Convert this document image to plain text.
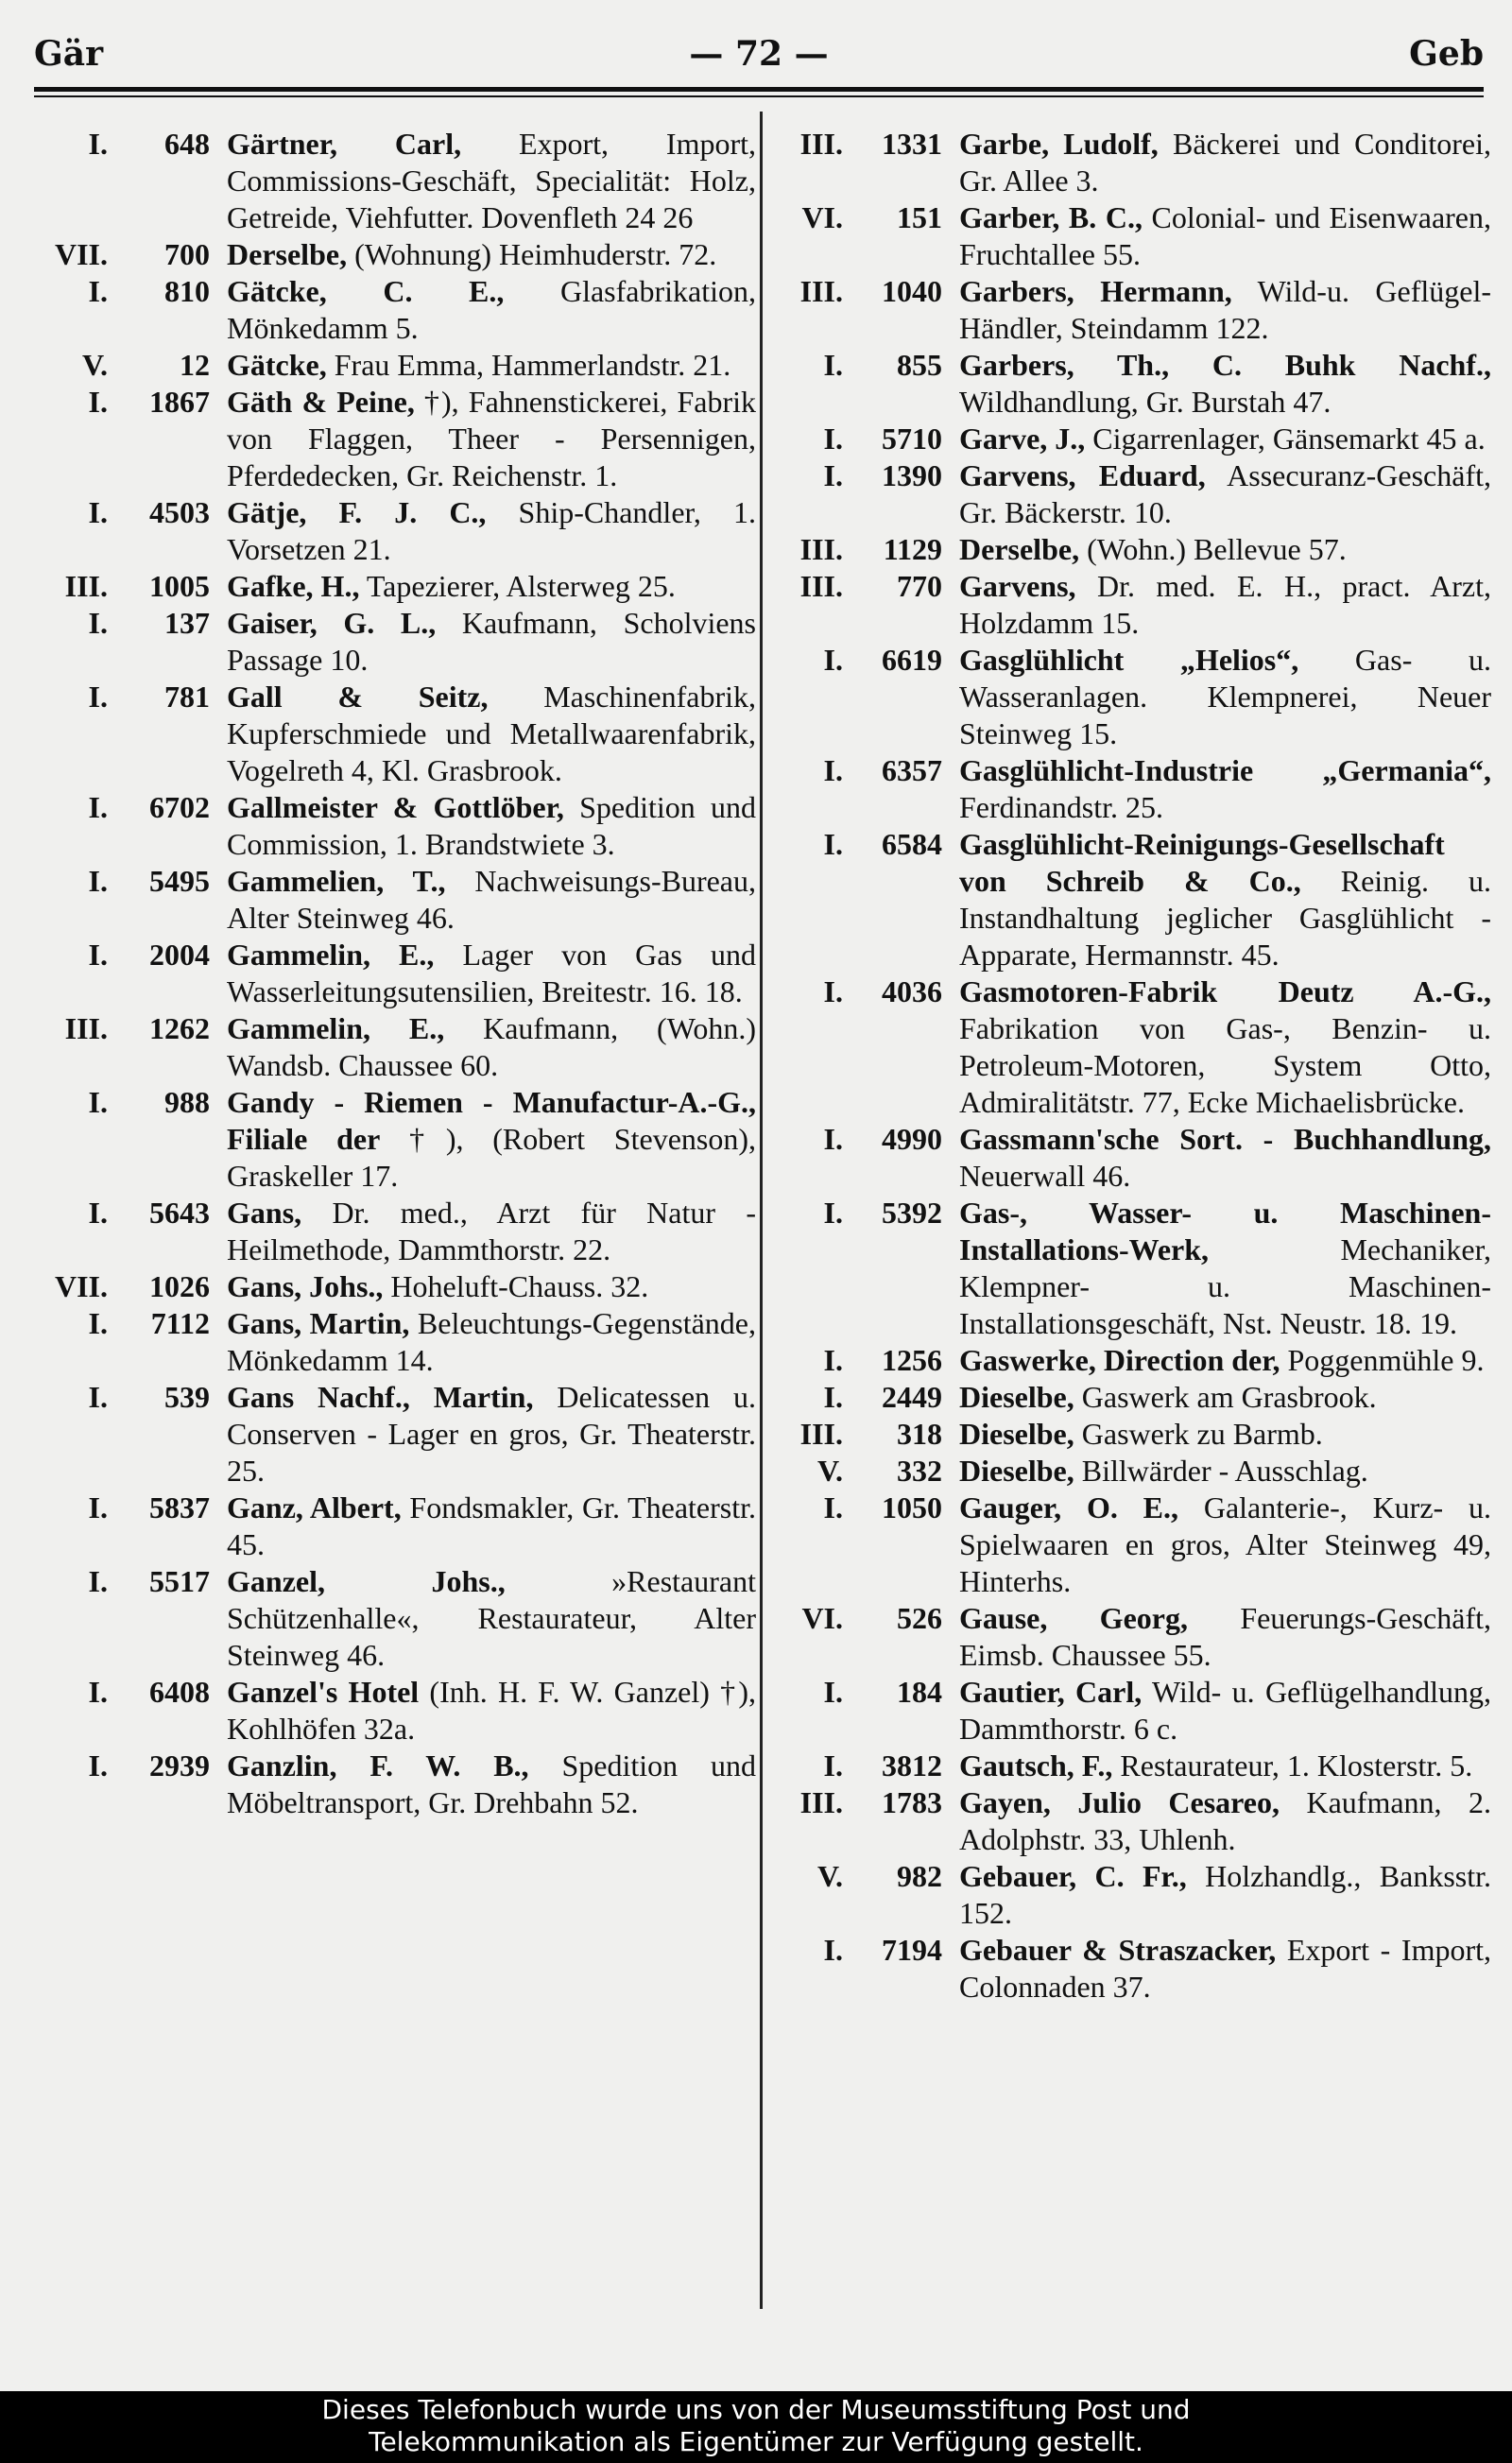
Gär	— 72 —	Geb
I.	648 Gärtner, Carl, Export, Import, Commissions-Geschäft, Specialität: Holz, Getreide, Viehfutter. Dovenfleth 24 26
VII.	700 Derselbe, (Wohnung) Heimhuderstr. 72.
I.	810 Gätcke, C. E., Glasfabrikation, Mönkedamm 5.
V.	12 Gätcke, Frau Emma, Hammerlandstr. 21.
I.	1867 Gäth & Peine, †), Fahnenstickerei, Fabrik von Flaggen, Theer - Persennigen, Pferdedecken, Gr. Reichenstr. 1.
I.	4503 Gätje, F. J. C., Ship-Chandler, 1. Vorsetzen 21.
III.	1005 Gafke, H., Tapezierer, Alsterweg 25.
I.	137 Gaiser, G. L., Kaufmann, Scholviens Passage 10.
I.	781 Gall & Seitz, Maschinenfabrik, Kupferschmiede und Metallwaarenfabrik, Vogelreth 4, Kl. Grasbrook.
I.	6702 Gallmeister & Gottlöber, Spedition und Commission, 1. Brandstwiete 3.
I.	5495 Gammelien, T., Nachweisungs-Bureau, Alter Steinweg 46.
I.	2004 Gammelin, E., Lager von Gas und Wasserleitungsutensilien, Breitestr. 16. 18.
III.	1262 Gammelin, E., Kaufmann, (Wohn.) Wandsb. Chaussee 60.
I.	988 Gandy - Riemen - Manufactur-A.-G., Filiale der †), (Robert Stevenson), Graskeller 17.
I.	5643 Gans, Dr. med., Arzt für Natur - Heilmethode, Dammthorstr. 22.
VII.	1026 Gans, Johs., Hoheluft-Chauss. 32.
I.	7112 Gans, Martin, Beleuchtungs-Gegenstände, Mönkedamm 14.
I.	539 Gans Nachf., Martin, Delicatessen u. Conserven - Lager en gros, Gr. Theaterstr. 25.
I.	5837 Ganz, Albert, Fondsmakler, Gr. Theaterstr. 45.
I.	5517 Ganzel, Johs., »Restaurant Schützenhalle«, Restaurateur, Alter Steinweg 46.
I.	6408 Ganzel's Hotel (Inh. H. F. W. Ganzel) †), Kohlhöfen 32a.
I.	2939 Ganzlin, F. W. B., Spedition und Möbeltransport, Gr. Drehbahn 52.
III.	1331 Garbe, Ludolf, Bäckerei und Conditorei, Gr. Allee 3.
VI.	151 Garber, B. C., Colonial- und Eisenwaaren, Fruchtallee 55.
III.	1040 Garbers, Hermann, Wild-u. Geflügel-Händler, Steindamm 122.
I.	855 Garbers, Th., C. Buhk Nachf., Wildhandlung, Gr. Burstah 47.
I.	5710 Garve, J., Cigarrenlager, Gänsemarkt 45 a.
I.	1390 Garvens, Eduard, Assecuranz-Geschäft, Gr. Bäckerstr. 10.
III.	1129 Derselbe, (Wohn.) Bellevue 57.
III.	770 Garvens, Dr. med. E. H., pract. Arzt, Holzdamm 15.
I.	6619 Gasglühlicht „Helios“, Gas- u. Wasseranlagen. Klempnerei, Neuer Steinweg 15.
I.	6357 Gasglühlicht-Industrie „Germania“, Ferdinandstr. 25.
I.	6584 Gasglühlicht-Reinigungs-Gesellschaft von Schreib & Co., Reinig. u. Instandhaltung jeglicher Gasglühlicht - Apparate, Hermannstr. 45.
I.	4036 Gasmotoren-Fabrik Deutz A.-G., Fabrikation von Gas-, Benzin- u. Petroleum-Motoren, System Otto, Admiralitätstr. 77, Ecke Michaelisbrücke.
I.	4990 Gassmann'sche Sort. - Buchhandlung, Neuerwall 46.
I.	5392 Gas-, Wasser- u. Maschinen-Installations-Werk, Mechaniker, Klempner- u. Maschinen-Installationsgeschäft, Nst. Neustr. 18. 19.
I.	1256 Gaswerke, Direction der, Poggenmühle 9.
I.	2449 Dieselbe, Gaswerk am Grasbrook.
III.	318 Dieselbe, Gaswerk zu Barmb.
V.	332 Dieselbe, Billwärder - Ausschlag.
I.	1050 Gauger, O. E., Galanterie-, Kurz- u. Spielwaaren en gros, Alter Steinweg 49, Hinterhs.
VI.	526 Gause, Georg, Feuerungs-Geschäft, Eimsb. Chaussee 55.
I.	184 Gautier, Carl, Wild- u. Geflügelhandlung, Dammthorstr. 6 c.
I.	3812 Gautsch, F., Restaurateur, 1. Klosterstr. 5.
III.	1783 Gayen, Julio Cesareo, Kaufmann, 2. Adolphstr. 33, Uhlenh.
V.	982 Gebauer, C. Fr., Holzhandlg., Banksstr. 152.
I.	7194 Gebauer & Straszacker, Export - Import, Colonnaden 37.
Dieses Telefonbuch wurde uns von der Museumsstiftung Post und
Telekommunikation als Eigentümer zur Verfügung gestellt.
